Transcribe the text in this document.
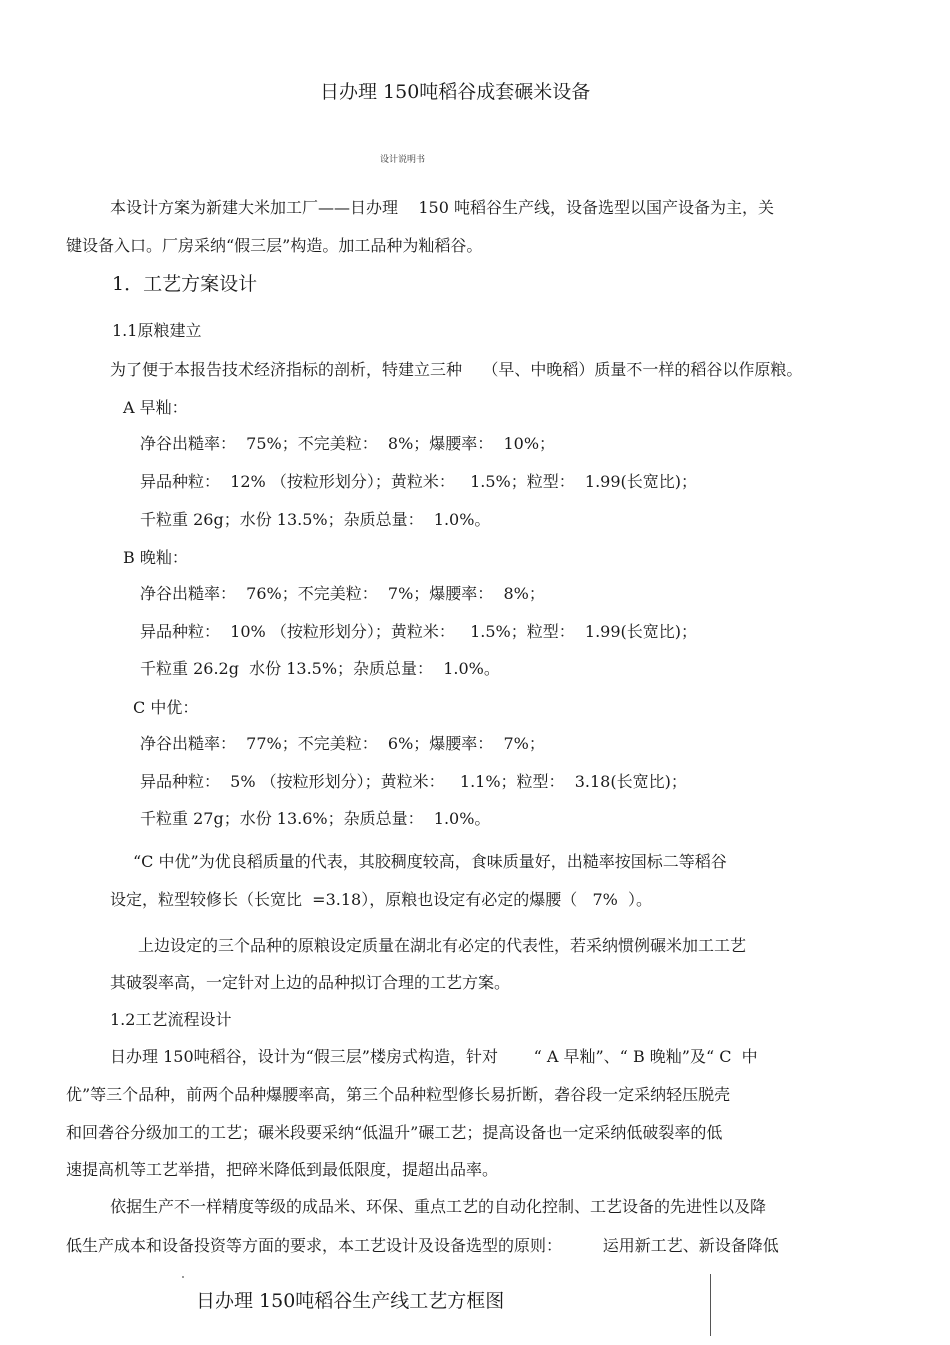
日办理 150吨稻谷成套碾米设备
设计说明书
本设计方案为新建大米加工厂——日办理    150 吨稻谷生产线，设备选型以国产设备为主，关
键设备入口。厂房采纳“假三层”构造。加工品种为籼稻谷。
1．工艺方案设计
1.1原粮建立
为了便于本报告技术经济指标的剖析，特建立三种    （早、中晚稻）质量不一样的稻谷以作原粮。
A 早籼：
净谷出糙率：  75%；不完美粒：  8%；爆腰率：  10%；
异品种粒：  12% （按粒形划分）；黄粒米：   1.5%；粒型：  1.99(长宽比)；
千粒重 26g；水份 13.5%；杂质总量：  1.0%。
B 晚籼：
净谷出糙率：  76%；不完美粒：  7%；爆腰率：  8%；
异品种粒：  10% （按粒形划分）；黄粒米：   1.5%；粒型：  1.99(长宽比)；
千粒重 26.2g  水份 13.5%；杂质总量：  1.0%。
C 中优：
净谷出糙率：  77%；不完美粒：  6%；爆腰率：  7%；
异品种粒：  5% （按粒形划分）；黄粒米：   1.1%；粒型：  3.18(长宽比)；
千粒重 27g；水份 13.6%；杂质总量：  1.0%。
“C 中优”为优良稻质量的代表，其胶稠度较高，食味质量好，出糙率按国标二等稻谷
设定，粒型较修长（长宽比  =3.18），原粮也设定有必定的爆腰（   7%  ）。
上边设定的三个品种的原粮设定质量在湖北有必定的代表性，若采纳惯例碾米加工工艺
其破裂率高，一定针对上边的品种拟订合理的工艺方案。
1.2工艺流程设计
日办理 150吨稻谷，设计为“假三层”楼房式构造，针对       “ A 早籼”、“ B 晚籼”及“ C  中
优”等三个品种，前两个品种爆腰率高，第三个品种粒型修长易折断，砻谷段一定采纳轻压脱壳
和回砻谷分级加工的工艺；碾米段要采纳“低温升”碾工艺；提高设备也一定采纳低破裂率的低
速提高机等工艺举措，把碎米降低到最低限度，提超出品率。
依据生产不一样精度等级的成品米、环保、重点工艺的自动化控制、工艺设备的先进性以及降
低生产成本和设备投资等方面的要求，本工艺设计及设备选型的原则：        运用新工艺、新设备降低
日办理 150吨稻谷生产线工艺方框图
